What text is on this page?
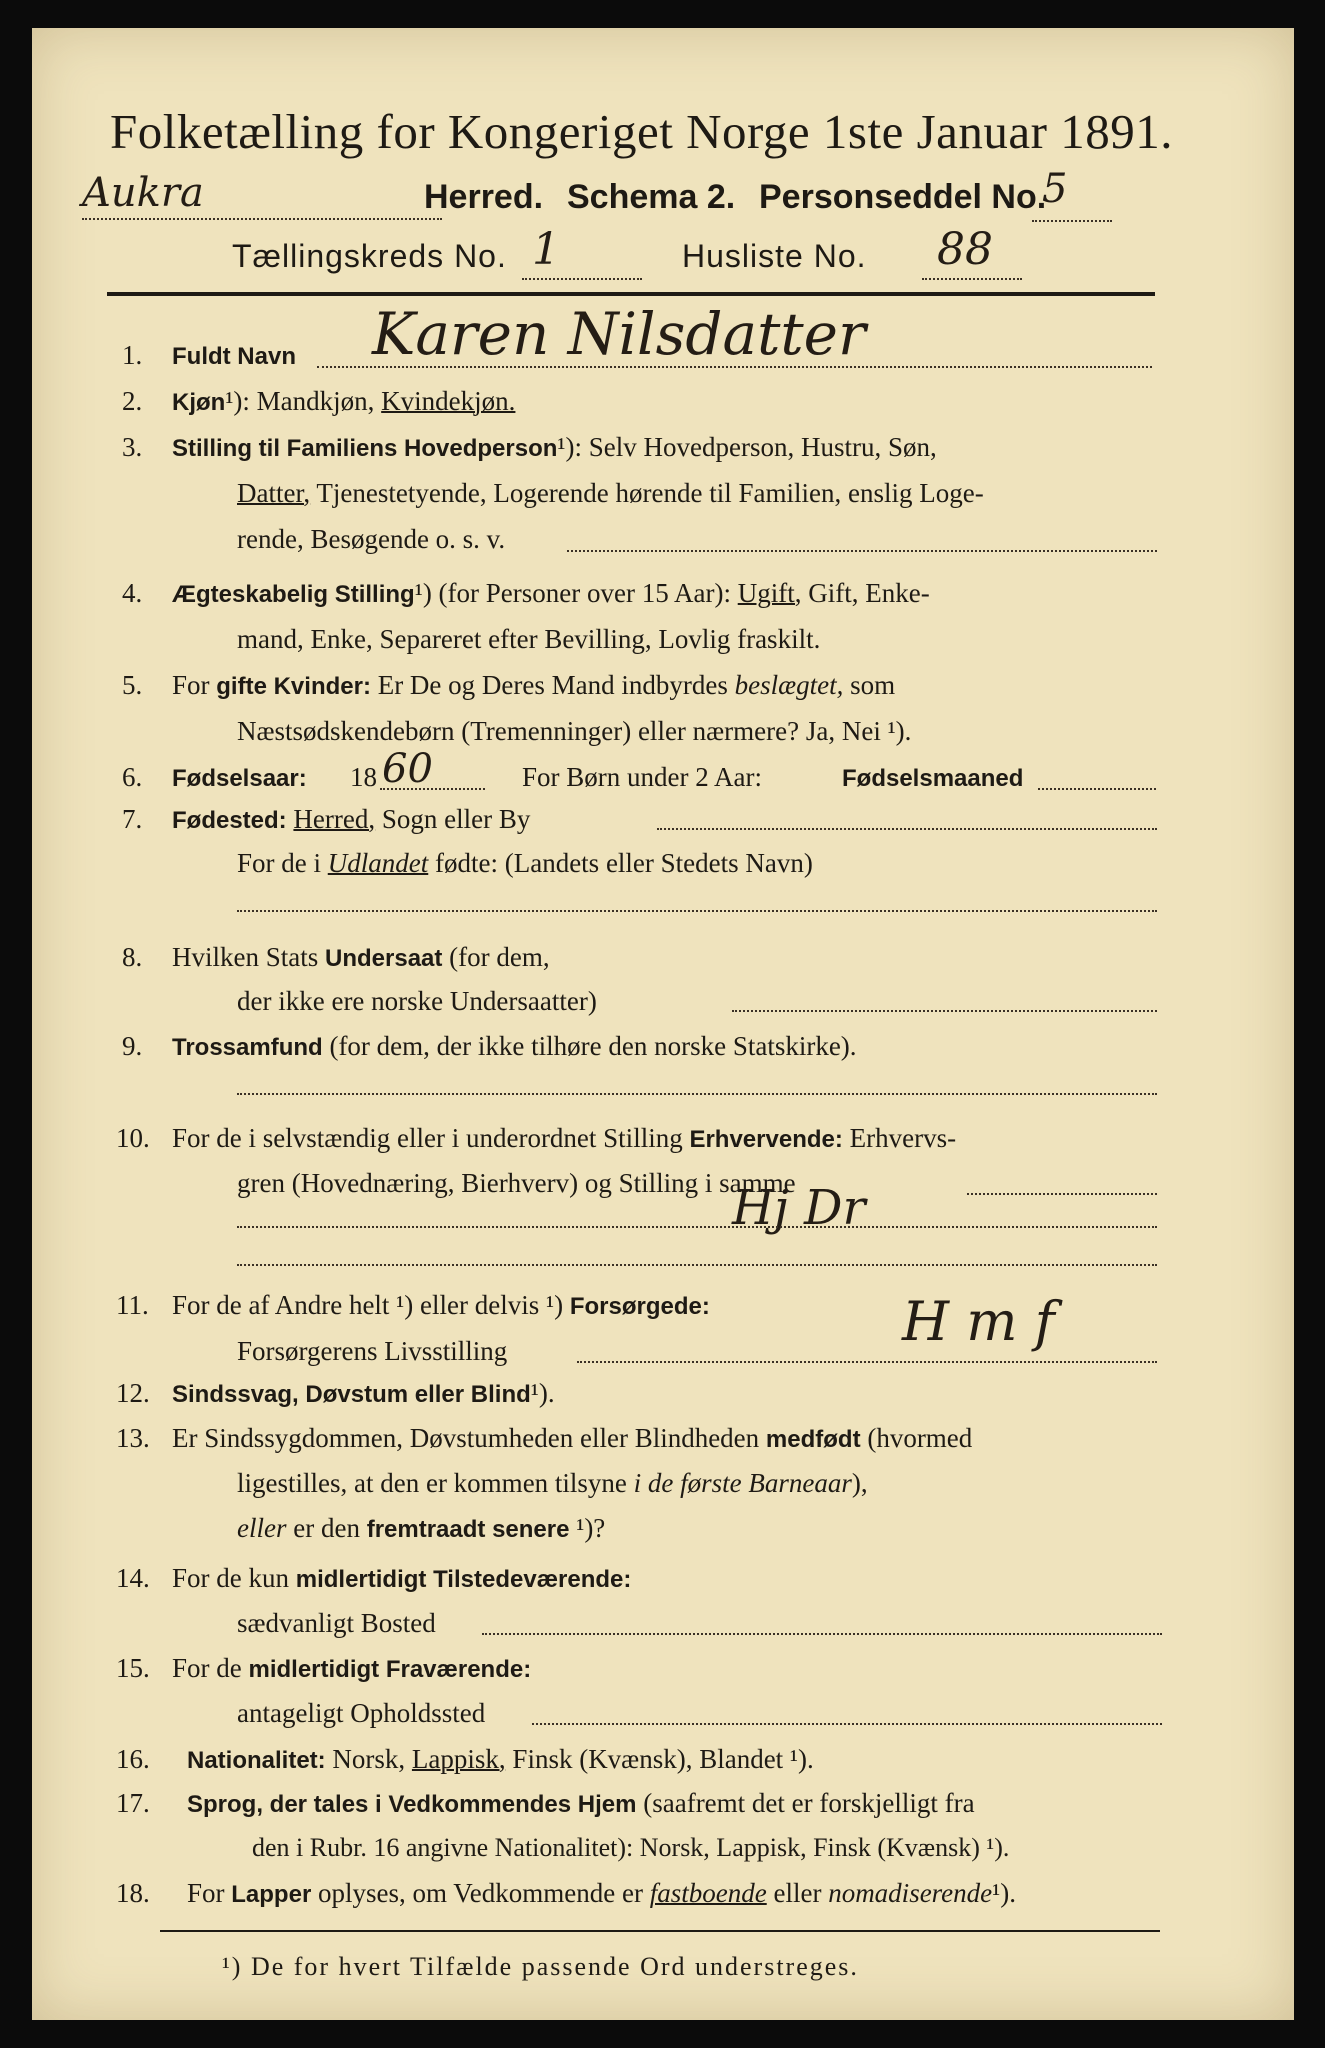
Folketælling for Kongeriget Norge 1ste Januar 1891.
Aukra	Herred. Schema 2. Personseddel No.
5
Tællingskreds No. 1	Husliste No. 88
1. Fuldt Navn Karen Nilsdatter
2. Kjøn¹): Mandkjøn, Kvindekjøn.
3. Stilling til Familiens Hovedperson¹): Selv Hovedperson, Hustru, Søn,
Datter, Tjenestetyende, Logerende hørende til Familien, enslig Loge-
rende, Besøgende o. s. v.
4. Ægteskabelig Stilling¹) (for Personer over 15 Aar): Ugift, Gift, Enke-
mand, Enke, Separeret efter Bevilling, Lovlig fraskilt.
5. For gifte Kvinder: Er De og Deres Mand indbyrdes beslægtet, som
Næstsødskendebørn (Tremenninger) eller nærmere? Ja, Nei ¹).
6. Fødselsaar: 18 60	For Børn under 2 Aar:	Fødselsmaaned
7. Fødested: Herred, Sogn eller By
For de i Udlandet fødte: (Landets eller Stedets Navn)
8. Hvilken Stats Undersaat (for dem,
der ikke ere norske Undersaatter)
9. Trossamfund (for dem, der ikke tilhøre den norske Statskirke).
10. For de i selvstændig eller i underordnet Stilling Erhvervende: Erhvervs-
gren (Hovednæring, Bierhverv) og Stilling i samme
Hj Dr
11. For de af Andre helt ¹) eller delvis ¹) Forsørgede:
Forsørgerens Livsstilling	H m f
12. Sindssvag, Døvstum eller Blind¹).
13. Er Sindssygdommen, Døvstumheden eller Blindheden medfødt (hvormed
ligestilles, at den er kommen tilsyne i de første Barneaar),
eller er den fremtraadt senere ¹)?
14. For de kun midlertidigt Tilstedeværende:
sædvanligt Bosted
15. For de midlertidigt Fraværende:
antageligt Opholdssted
16. Nationalitet: Norsk, Lappisk, Finsk (Kvænsk), Blandet ¹).
17. Sprog, der tales i Vedkommendes Hjem (saafremt det er forskjelligt fra
den i Rubr. 16 angivne Nationalitet): Norsk, Lappisk, Finsk (Kvænsk) ¹).
18. For Lapper oplyses, om Vedkommende er fastboende eller nomadiserende¹).
¹) De for hvert Tilfælde passende Ord understreges.
